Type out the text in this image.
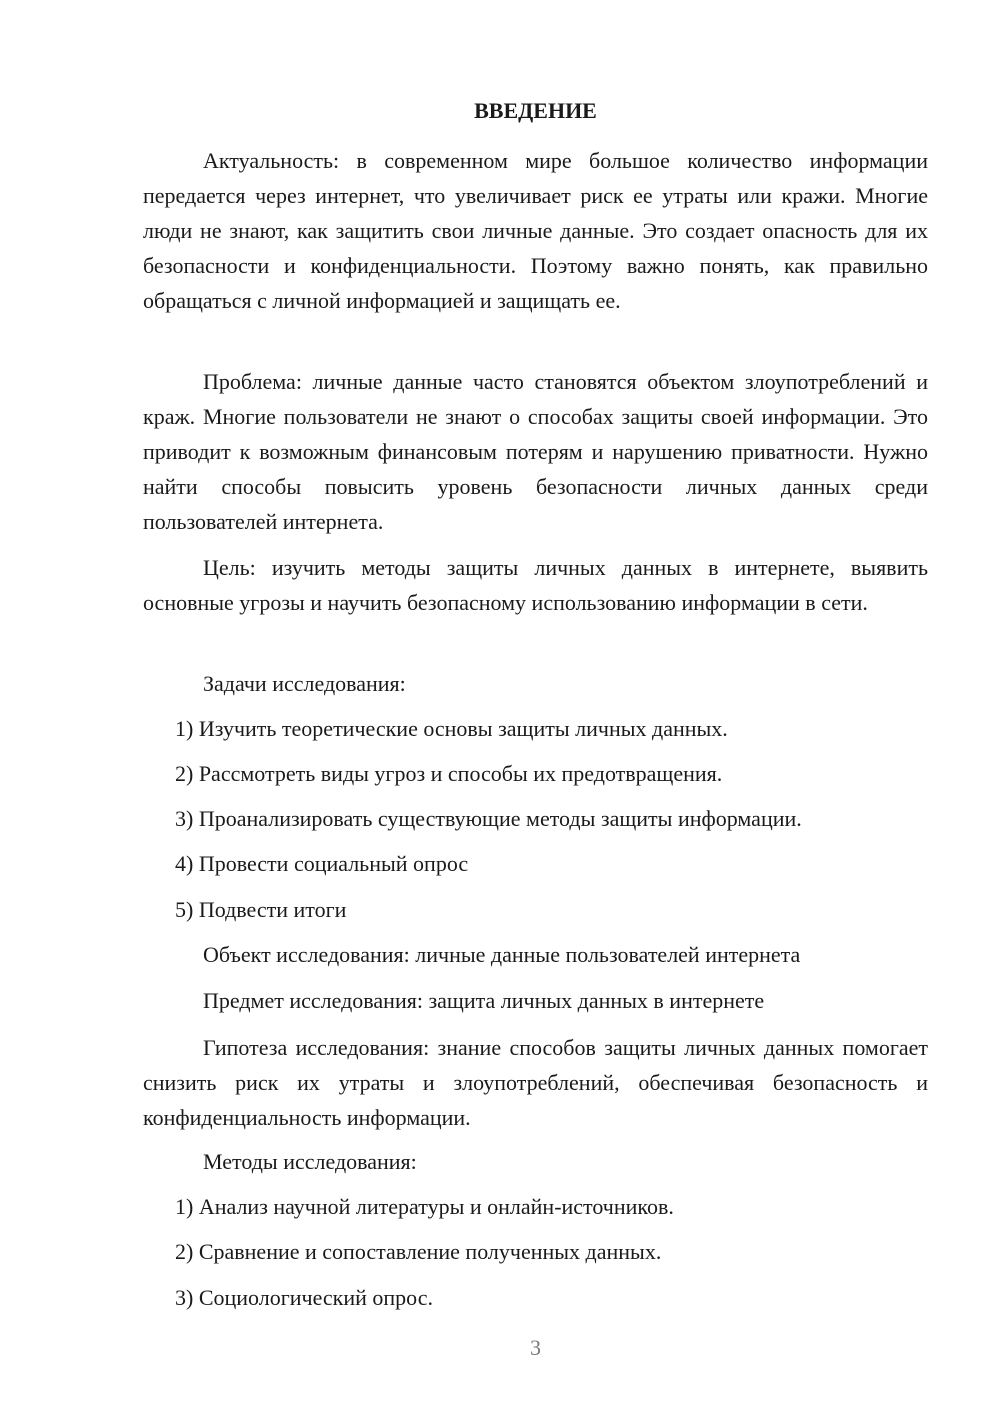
ВВЕДЕНИЕ

Актуальность: в современном мире большое количество информации передается через интернет, что увеличивает риск ее утраты или кражи. Многие люди не знают, как защитить свои личные данные. Это создает опасность для их безопасности и конфиденциальности. Поэтому важно понять, как правильно обращаться с личной информацией и защищать ее.

Проблема: личные данные часто становятся объектом злоупотреблений и краж. Многие пользователи не знают о способах защиты своей информации. Это приводит к возможным финансовым потерям и нарушению приватности. Нужно найти способы повысить уровень безопасности личных данных среди пользователей интернета.

Цель: изучить методы защиты личных данных в интернете, выявить основные угрозы и научить безопасному использованию информации в сети.

Задачи исследования:

1) Изучить теоретические основы защиты личных данных.

2) Рассмотреть виды угроз и способы их предотвращения.

3) Проанализировать существующие методы защиты информации.

4) Провести социальный опрос

5) Подвести итоги

Объект исследования: личные данные пользователей интернета

Предмет исследования: защита личных данных в интернете

Гипотеза исследования: знание способов защиты личных данных помогает снизить риск их утраты и злоупотреблений, обеспечивая безопасность и конфиденциальность информации.

Методы исследования:

1) Анализ научной литературы и онлайн-источников.

2) Сравнение и сопоставление полученных данных.

3) Социологический опрос.

3
